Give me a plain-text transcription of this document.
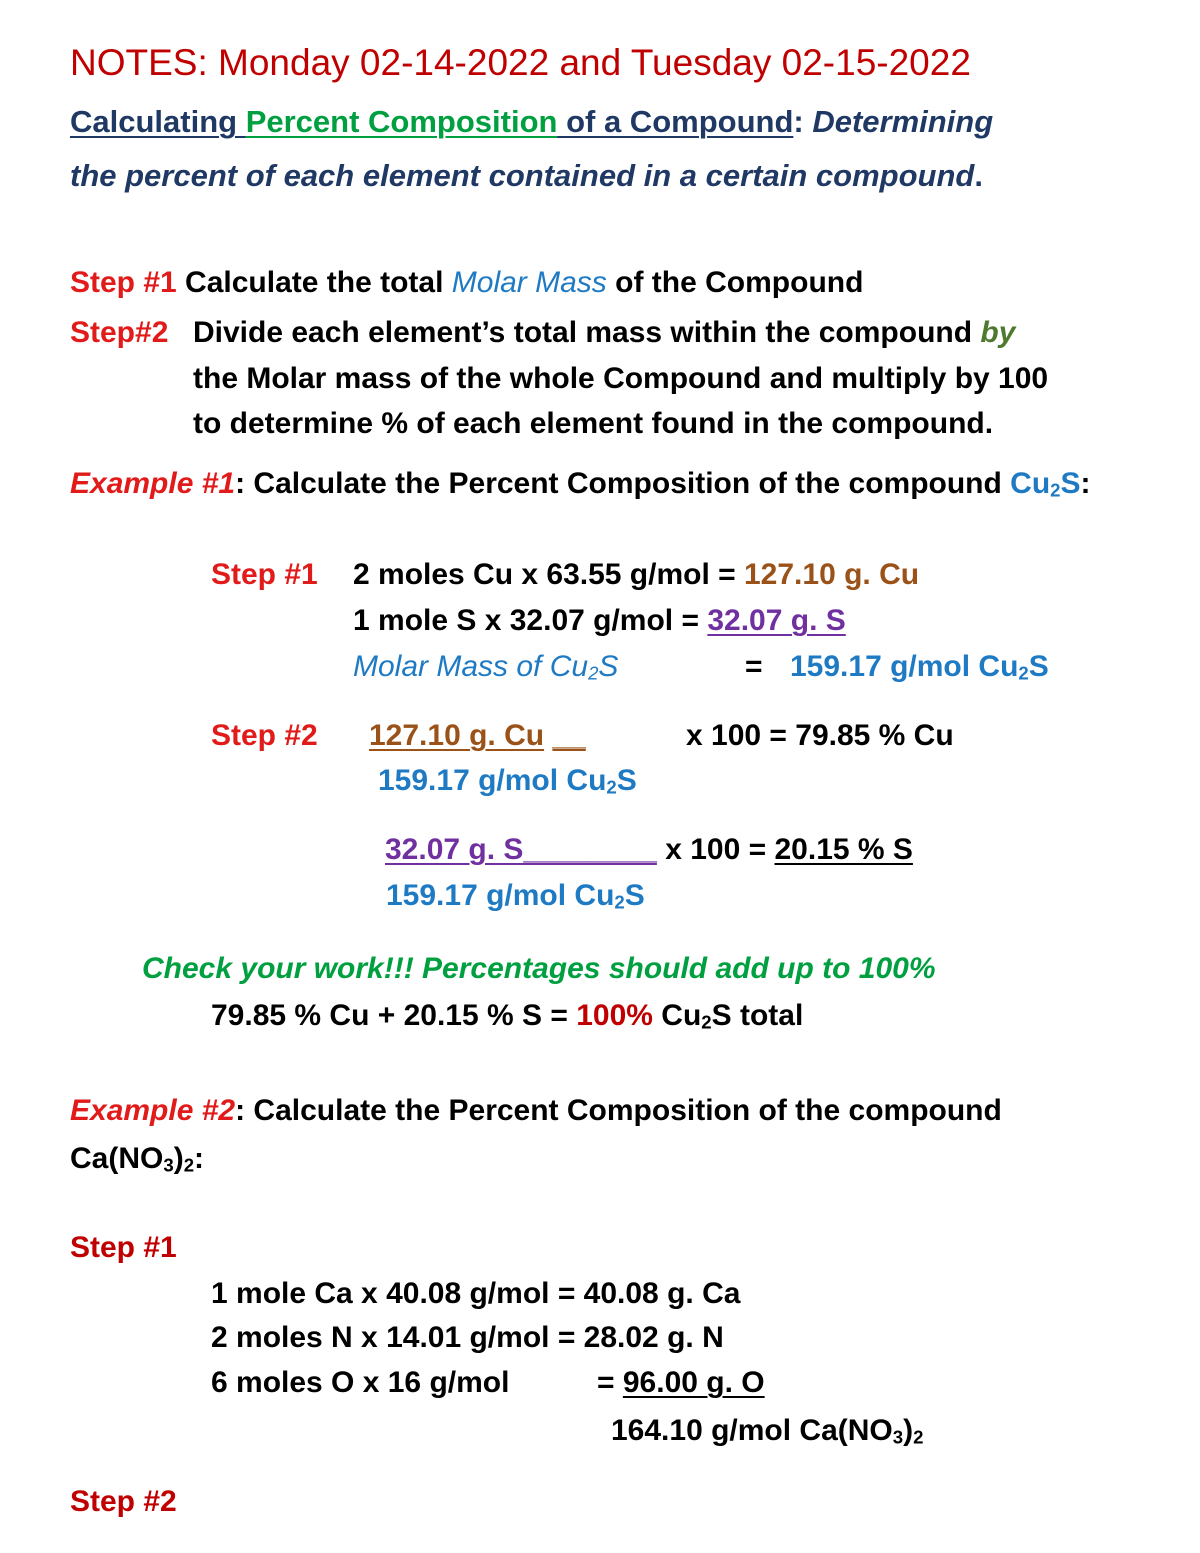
NOTES: Monday 02-14-2022 and Tuesday 02-15-2022
Calculating Percent Composition of a Compound: Determining
the percent of each element contained in a certain compound.
Step #1 Calculate the total Molar Mass of the Compound
Step#2 Divide each element’s total mass within the compound by
the Molar mass of the whole Compound and multiply by 100
to determine % of each element found in the compound.
Example #1: Calculate the Percent Composition of the compound $Cu_2S$:
Step #1 2 moles Cu x 63.55 g/mol = 127.10 g. Cu
1 mole S x 32.07 g/mol = 32.07 g. S
Molar Mass of $Cu_2S$	= 159.17 g/mol $Cu_2S$
Step #2 127.10 g. Cu __	x 100 = 79.85 % Cu
159.17 g/mol $Cu_2S$
32.07 g. S________ x 100 = 20.15 % S
159.17 g/mol $Cu_2S$
Check your work!!! Percentages should add up to 100%
79.85 % Cu + 20.15 % S = 100% $Cu_2S$ total
Example #2: Calculate the Percent Composition of the compound
$Ca(NO_3)_2$:
Step #1
1 mole Ca x 40.08 g/mol = 40.08 g. Ca
2 moles N x 14.01 g/mol = 28.02 g. N
6 moles O x 16 g/mol	= 96.00 g. O
164.10 g/mol $Ca(NO_3)_2$
Step #2
